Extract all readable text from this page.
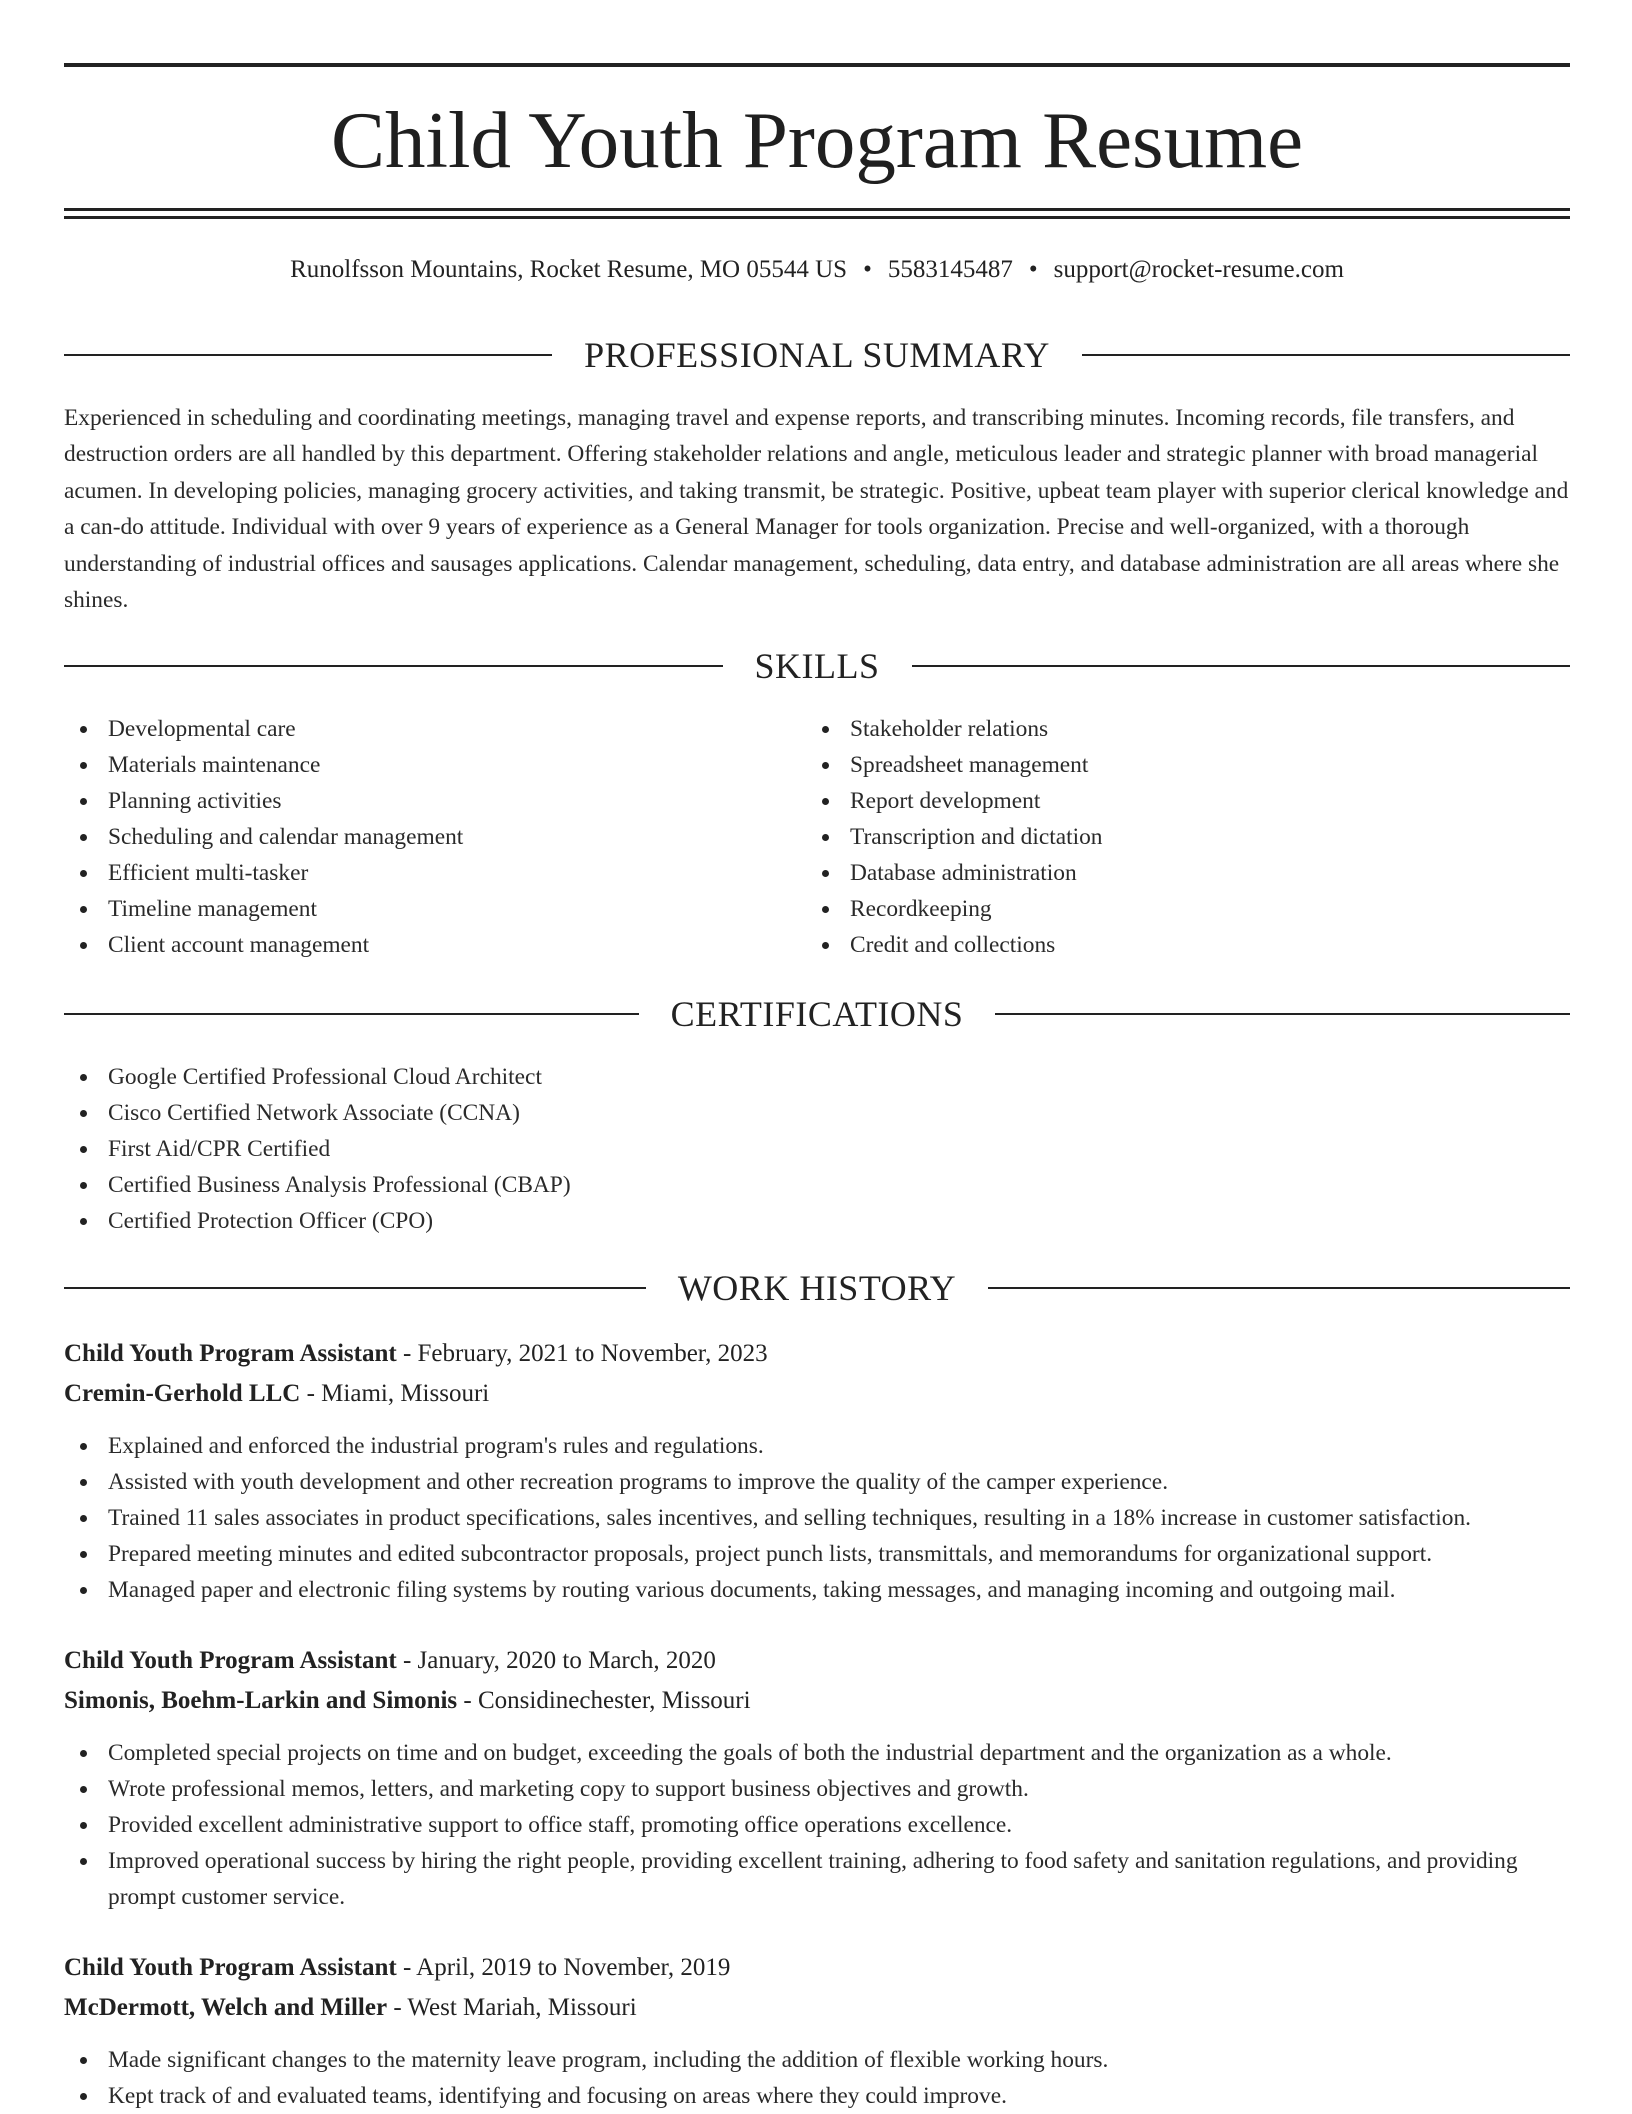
Child Youth Program Resume
Runolfsson Mountains, Rocket Resume, MO 05544 US • 5583145487 • support@rocket-resume.com
PROFESSIONAL SUMMARY

Experienced in scheduling and coordinating meetings, managing travel and expense reports, and transcribing minutes. Incoming records, file transfers, and destruction orders are all handled by this department. Offering stakeholder relations and angle, meticulous leader and strategic planner with broad managerial acumen. In developing policies, managing grocery activities, and taking transmit, be strategic. Positive, upbeat team player with superior clerical knowledge and a can-do attitude. Individual with over 9 years of experience as a General Manager for tools organization. Precise and well-organized, with a thorough understanding of industrial offices and sausages applications. Calendar management, scheduling, data entry, and database administration are all areas where she shines.

SKILLS
Developmental care
Materials maintenance
Planning activities
Scheduling and calendar management
Efficient multi-tasker
Timeline management
Client account management
Stakeholder relations
Spreadsheet management
Report development
Transcription and dictation
Database administration
Recordkeeping
Credit and collections
CERTIFICATIONS
Google Certified Professional Cloud Architect
Cisco Certified Network Associate (CCNA)
First Aid/CPR Certified
Certified Business Analysis Professional (CBAP)
Certified Protection Officer (CPO)
WORK HISTORY
Child Youth Program Assistant - February, 2021 to November, 2023
Cremin-Gerhold LLC - Miami, Missouri
Explained and enforced the industrial program's rules and regulations.
Assisted with youth development and other recreation programs to improve the quality of the camper experience.
Trained 11 sales associates in product specifications, sales incentives, and selling techniques, resulting in a 18% increase in customer satisfaction.
Prepared meeting minutes and edited subcontractor proposals, project punch lists, transmittals, and memorandums for organizational support.
Managed paper and electronic filing systems by routing various documents, taking messages, and managing incoming and outgoing mail.
Child Youth Program Assistant - January, 2020 to March, 2020
Simonis, Boehm-Larkin and Simonis - Considinechester, Missouri
Completed special projects on time and on budget, exceeding the goals of both the industrial department and the organization as a whole.
Wrote professional memos, letters, and marketing copy to support business objectives and growth.
Provided excellent administrative support to office staff, promoting office operations excellence.
Improved operational success by hiring the right people, providing excellent training, adhering to food safety and sanitation regulations, and providing prompt customer service.
Child Youth Program Assistant - April, 2019 to November, 2019
McDermott, Welch and Miller - West Mariah, Missouri
Made significant changes to the maternity leave program, including the addition of flexible working hours.
Kept track of and evaluated teams, identifying and focusing on areas where they could improve.
